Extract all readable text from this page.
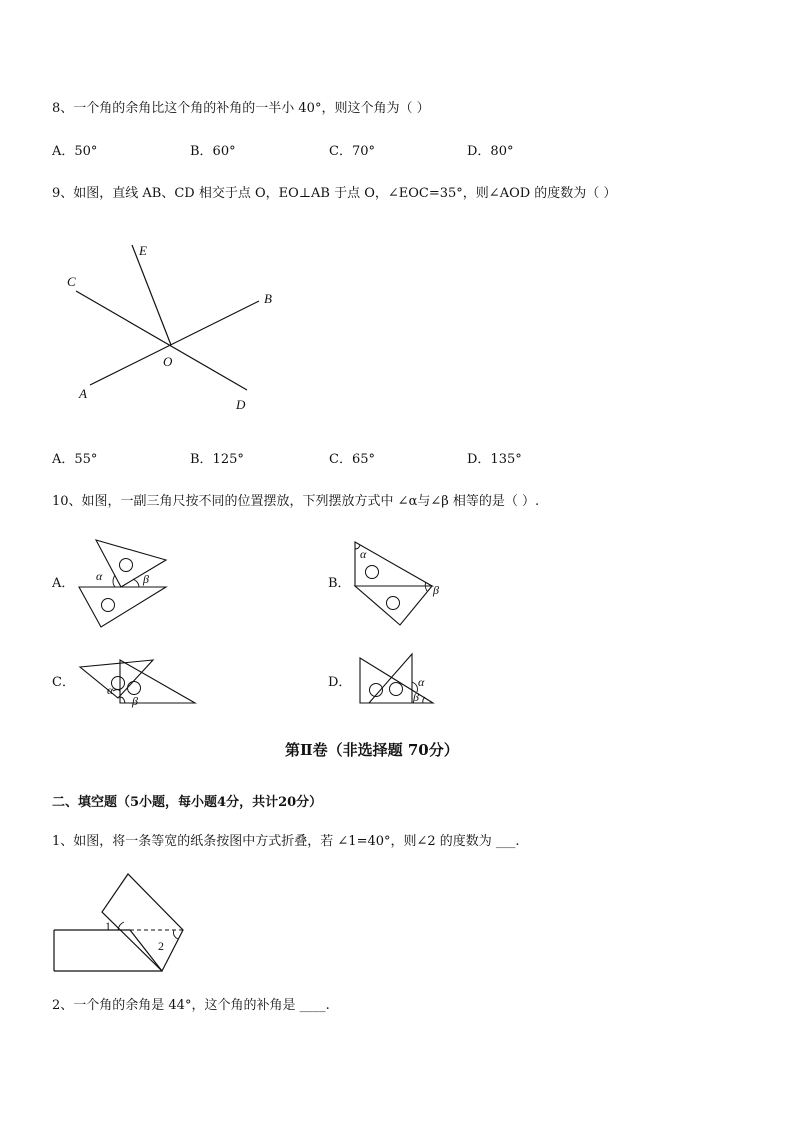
8、一个角的余角比这个角的补角的一半小 40°，则这个角为（ ）
A．50°	B．60°	C．70°	D．80°
9、如图，直线 AB、CD 相交于点 O，EO⊥AB 于点 O，∠EOC=35°，则∠AOD 的度数为（ ）
E
C
B
O
A
D
A．55°	B．125°	C．65°	D．135°
10、如图，一副三角尺按不同的位置摆放，下列摆放方式中 ∠α与∠β 相等的是（ ）.
A． α	β	B．
α
β
C．	α
β
D．	α
β
第Ⅱ卷（非选择题 70分）
二、填空题（5小题，每小题4分，共计20分）
1、如图，将一条等宽的纸条按图中方式折叠，若 ∠1=40°，则∠2 的度数为 ___.
1
2
2、一个角的余角是 44°，这个角的补角是 ____.
